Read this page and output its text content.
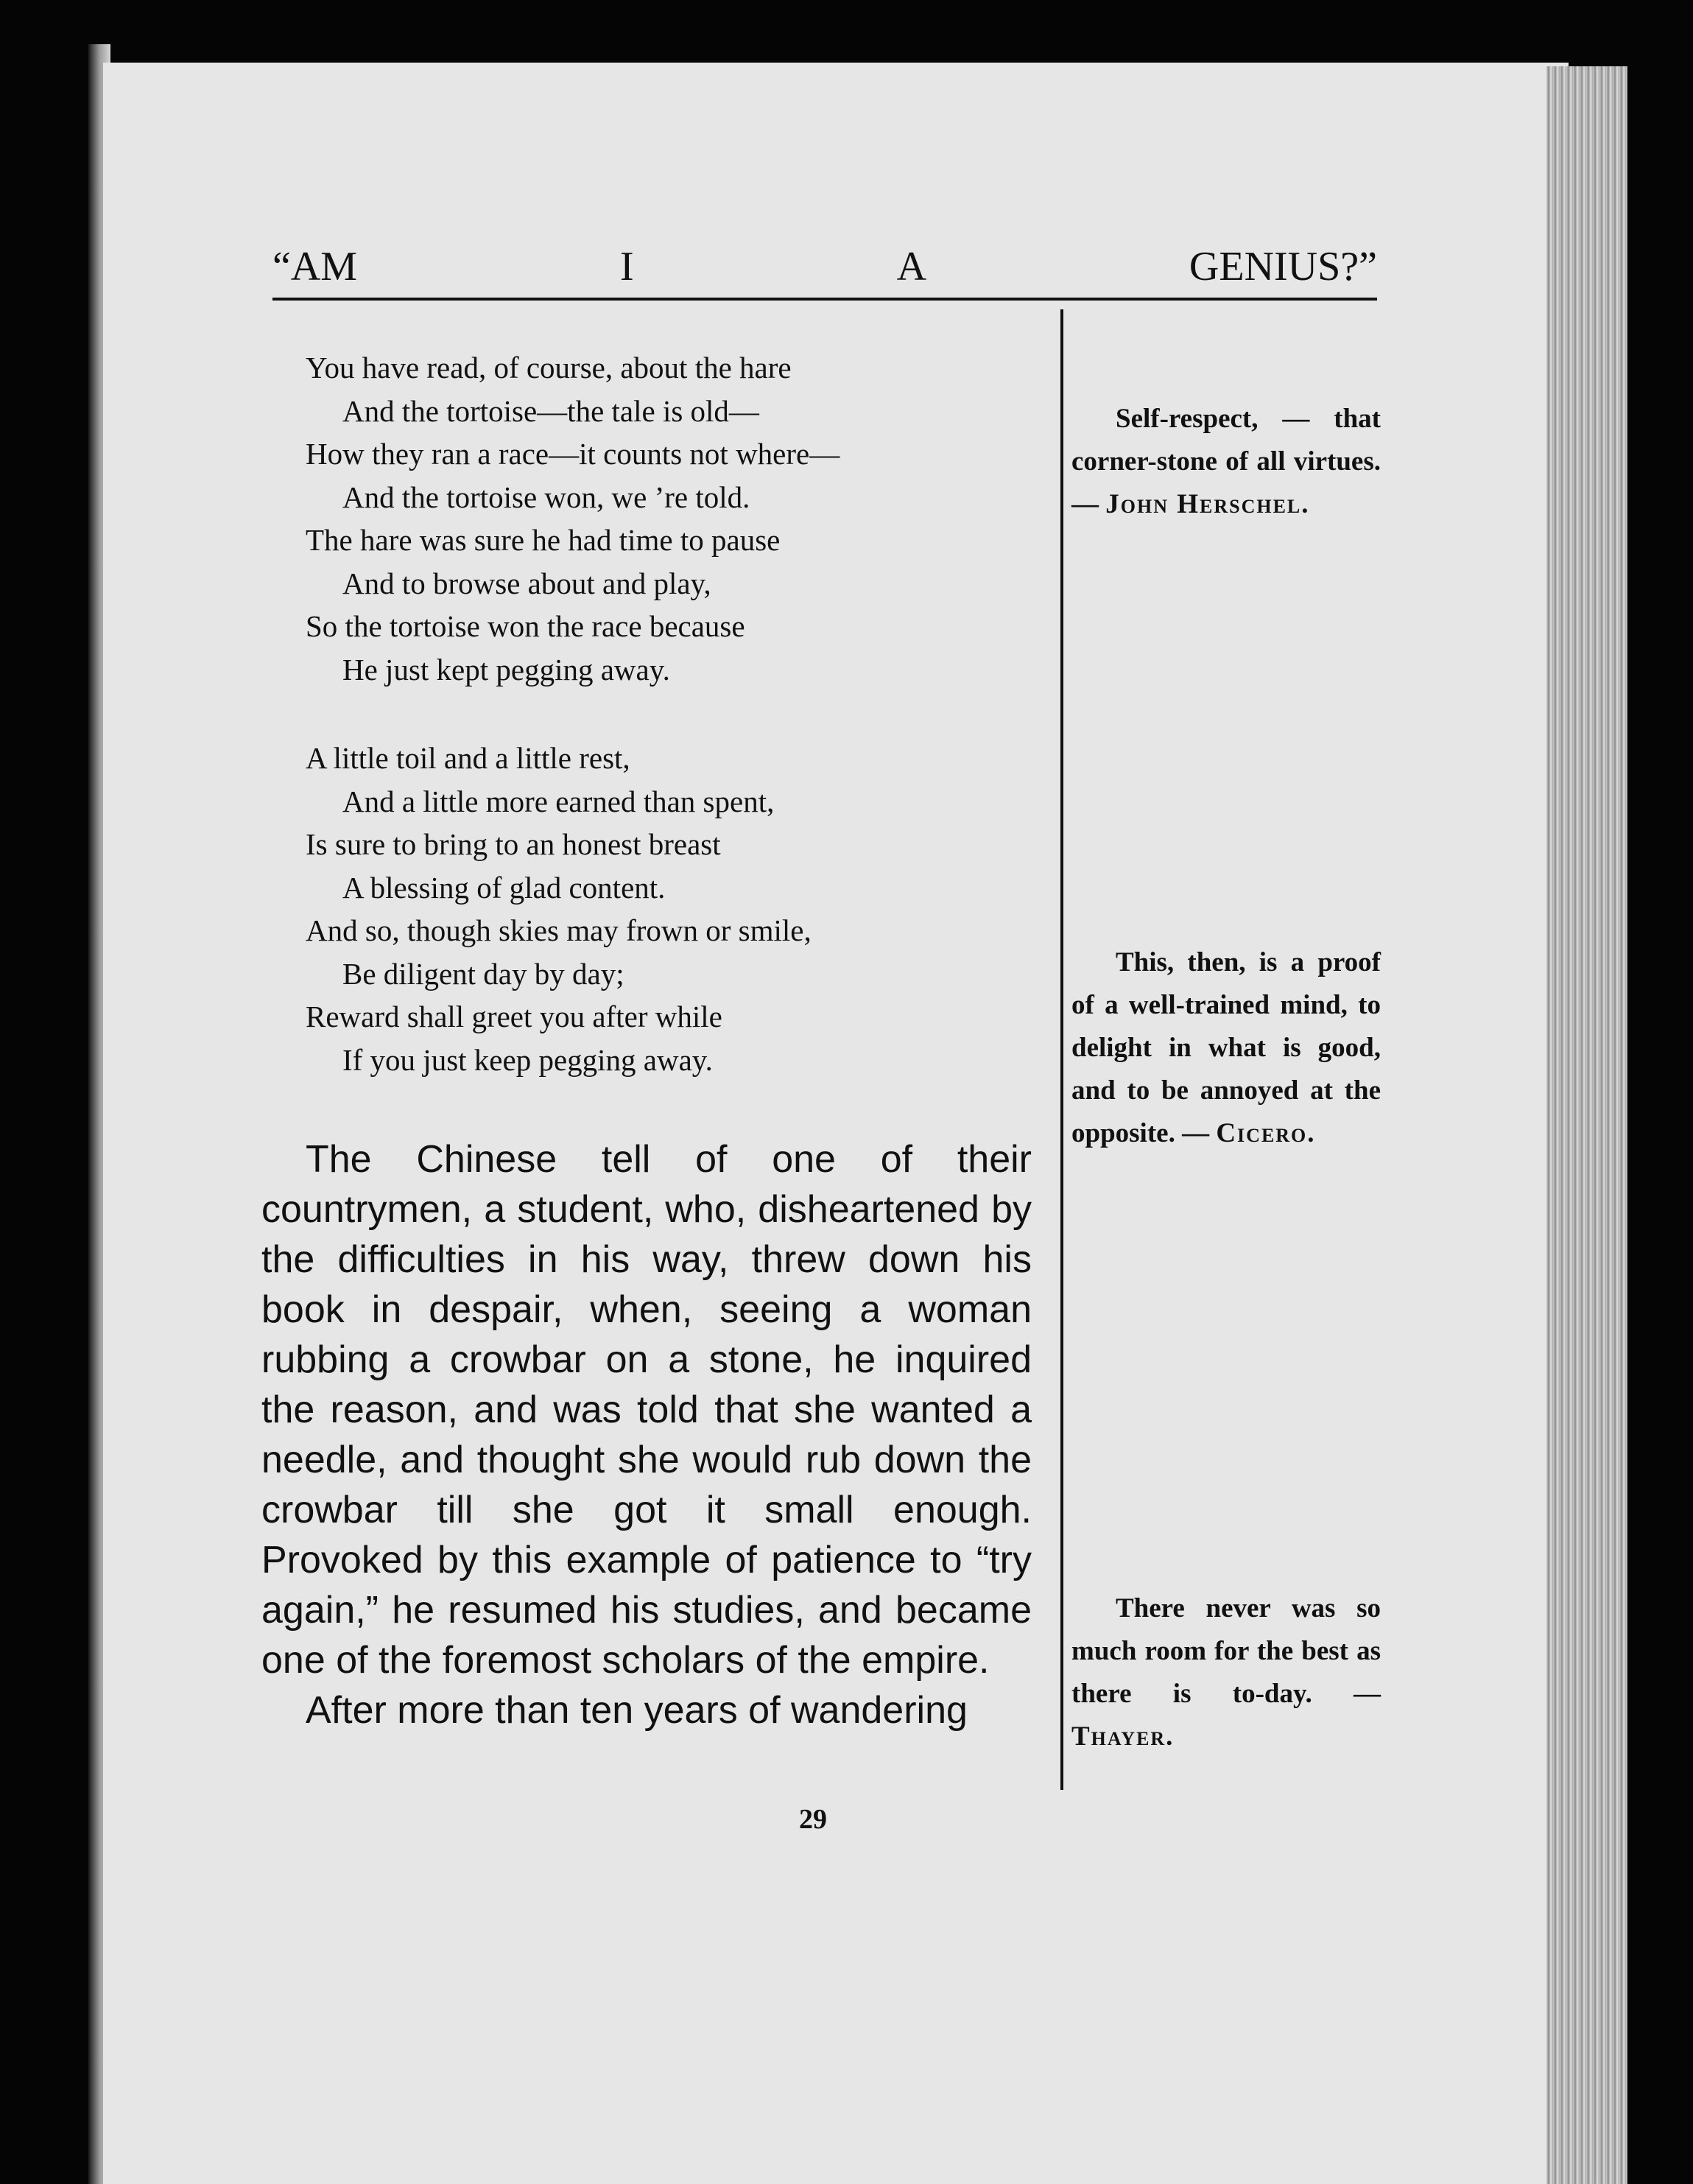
“AM	I	A	GENIUS?”
You have read, of course, about the hare
And the tortoise—the tale is old—
How they ran a race—it counts not where—
And the tortoise won, we ’re told.
The hare was sure he had time to pause
And to browse about and play,
So the tortoise won the race because
He just kept pegging away.
A little toil and a little rest,
And a little more earned than spent,
Is sure to bring to an honest breast
A blessing of glad content.
And so, though skies may frown or smile,
Be diligent day by day;
Reward shall greet you after while
If you just keep pegging away.

The Chinese tell of one of their countrymen, a student, who, disheartened by the difficulties in his way, threw down his book in despair, when, seeing a woman rubbing a crowbar on a stone, he inquired the reason, and was told that she wanted a needle, and thought she would rub down the crowbar till she got it small enough. Provoked by this example of patience to “try again,” he resumed his studies, and became one of the foremost scholars of the empire.

After more than ten years of wandering

Self-respect, — that corner-stone of all virtues. — John Herschel.

This, then, is a proof of a well-trained mind, to delight in what is good, and to be annoyed at the opposite. — Cicero.

There never was so much room for the best as there is to-day. — Thayer.

29
